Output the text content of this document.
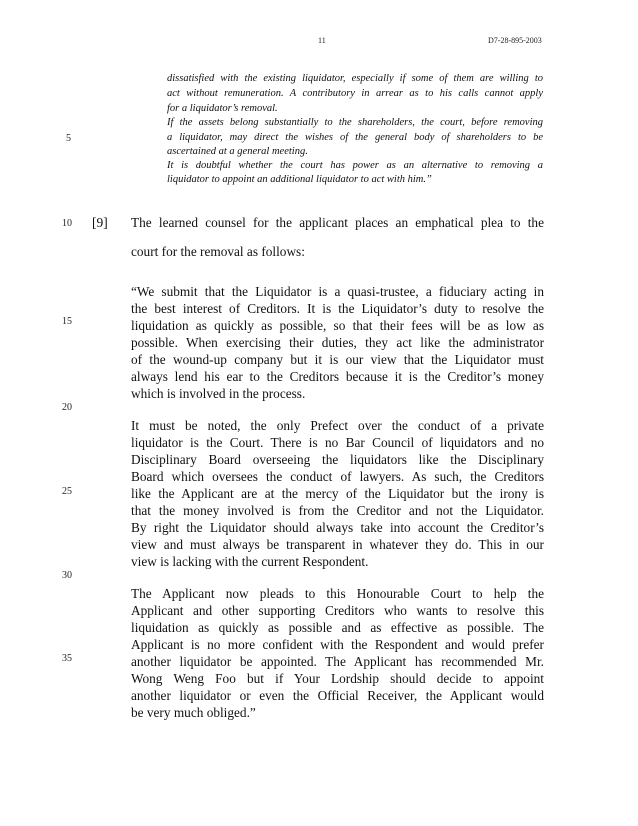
11	D7-28-895-2003
5
10
15
20
25
30
35
dissatisfied with the existing liquidator, especially if some of them are willing to
act without remuneration. A contributory in arrear as to his calls cannot apply
for a liquidator’s removal.
If the assets belong substantially to the shareholders, the court, before removing
a liquidator, may direct the wishes of the general body of shareholders to be
ascertained at a general meeting.
It is doubtful whether the court has power as an alternative to removing a
liquidator to appoint an additional liquidator to act with him.”
[9] The learned counsel for the applicant places an emphatical plea to the
court for the removal as follows:
“We submit that the Liquidator is a quasi-trustee, a fiduciary acting in
the best interest of Creditors. It is the Liquidator’s duty to resolve the
liquidation as quickly as possible, so that their fees will be as low as
possible. When exercising their duties, they act like the administrator
of the wound-up company but it is our view that the Liquidator must
always lend his ear to the Creditors because it is the Creditor’s money
which is involved in the process.
It must be noted, the only Prefect over the conduct of a private
liquidator is the Court. There is no Bar Council of liquidators and no
Disciplinary Board overseeing the liquidators like the Disciplinary
Board which oversees the conduct of lawyers. As such, the Creditors
like the Applicant are at the mercy of the Liquidator but the irony is
that the money involved is from the Creditor and not the Liquidator.
By right the Liquidator should always take into account the Creditor’s
view and must always be transparent in whatever they do. This in our
view is lacking with the current Respondent.
The Applicant now pleads to this Honourable Court to help the
Applicant and other supporting Creditors who wants to resolve this
liquidation as quickly as possible and as effective as possible. The
Applicant is no more confident with the Respondent and would prefer
another liquidator be appointed. The Applicant has recommended Mr.
Wong Weng Foo but if Your Lordship should decide to appoint
another liquidator or even the Official Receiver, the Applicant would
be very much obliged.”
